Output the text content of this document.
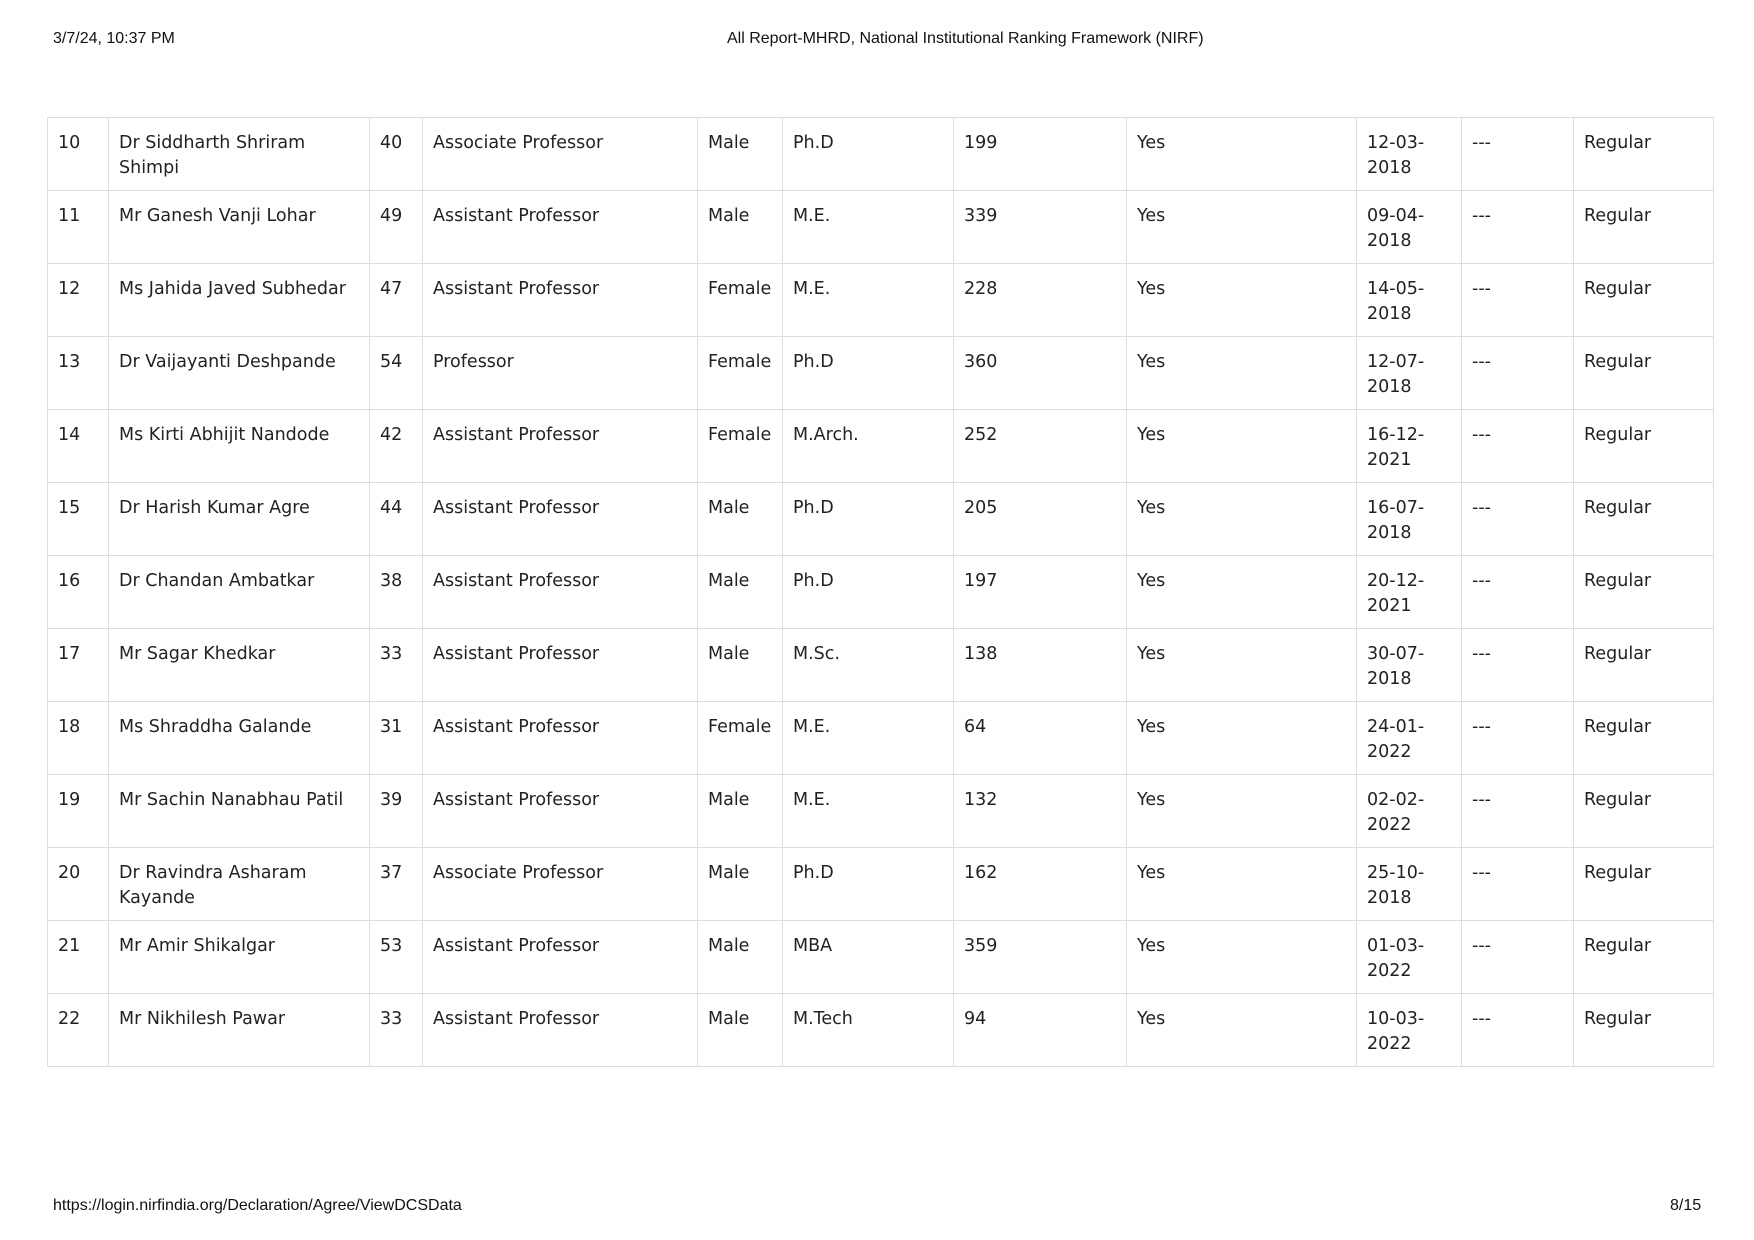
3/7/24, 10:37 PM	All Report-MHRD, National Institutional Ranking Framework (NIRF)
10	Dr Siddharth Shriram Shimpi	40	Associate Professor	Male	Ph.D	199	Yes	12-03-2018	---	Regular
11	Mr Ganesh Vanji Lohar	49	Assistant Professor	Male	M.E.	339	Yes	09-04-2018	---	Regular
12	Ms Jahida Javed Subhedar	47	Assistant Professor	Female	M.E.	228	Yes	14-05-2018	---	Regular
13	Dr Vaijayanti Deshpande	54	Professor	Female	Ph.D	360	Yes	12-07-2018	---	Regular
14	Ms Kirti Abhijit Nandode	42	Assistant Professor	Female	M.Arch.	252	Yes	16-12-2021	---	Regular
15	Dr Harish Kumar Agre	44	Assistant Professor	Male	Ph.D	205	Yes	16-07-2018	---	Regular
16	Dr Chandan Ambatkar	38	Assistant Professor	Male	Ph.D	197	Yes	20-12-2021	---	Regular
17	Mr Sagar Khedkar	33	Assistant Professor	Male	M.Sc.	138	Yes	30-07-2018	---	Regular
18	Ms Shraddha Galande	31	Assistant Professor	Female	M.E.	64	Yes	24-01-2022	---	Regular
19	Mr Sachin Nanabhau Patil	39	Assistant Professor	Male	M.E.	132	Yes	02-02-2022	---	Regular
20	Dr Ravindra Asharam Kayande	37	Associate Professor	Male	Ph.D	162	Yes	25-10-2018	---	Regular
21	Mr Amir Shikalgar	53	Assistant Professor	Male	MBA	359	Yes	01-03-2022	---	Regular
22	Mr Nikhilesh Pawar	33	Assistant Professor	Male	M.Tech	94	Yes	10-03-2022	---	Regular
https://login.nirfindia.org/Declaration/Agree/ViewDCSData	8/15
